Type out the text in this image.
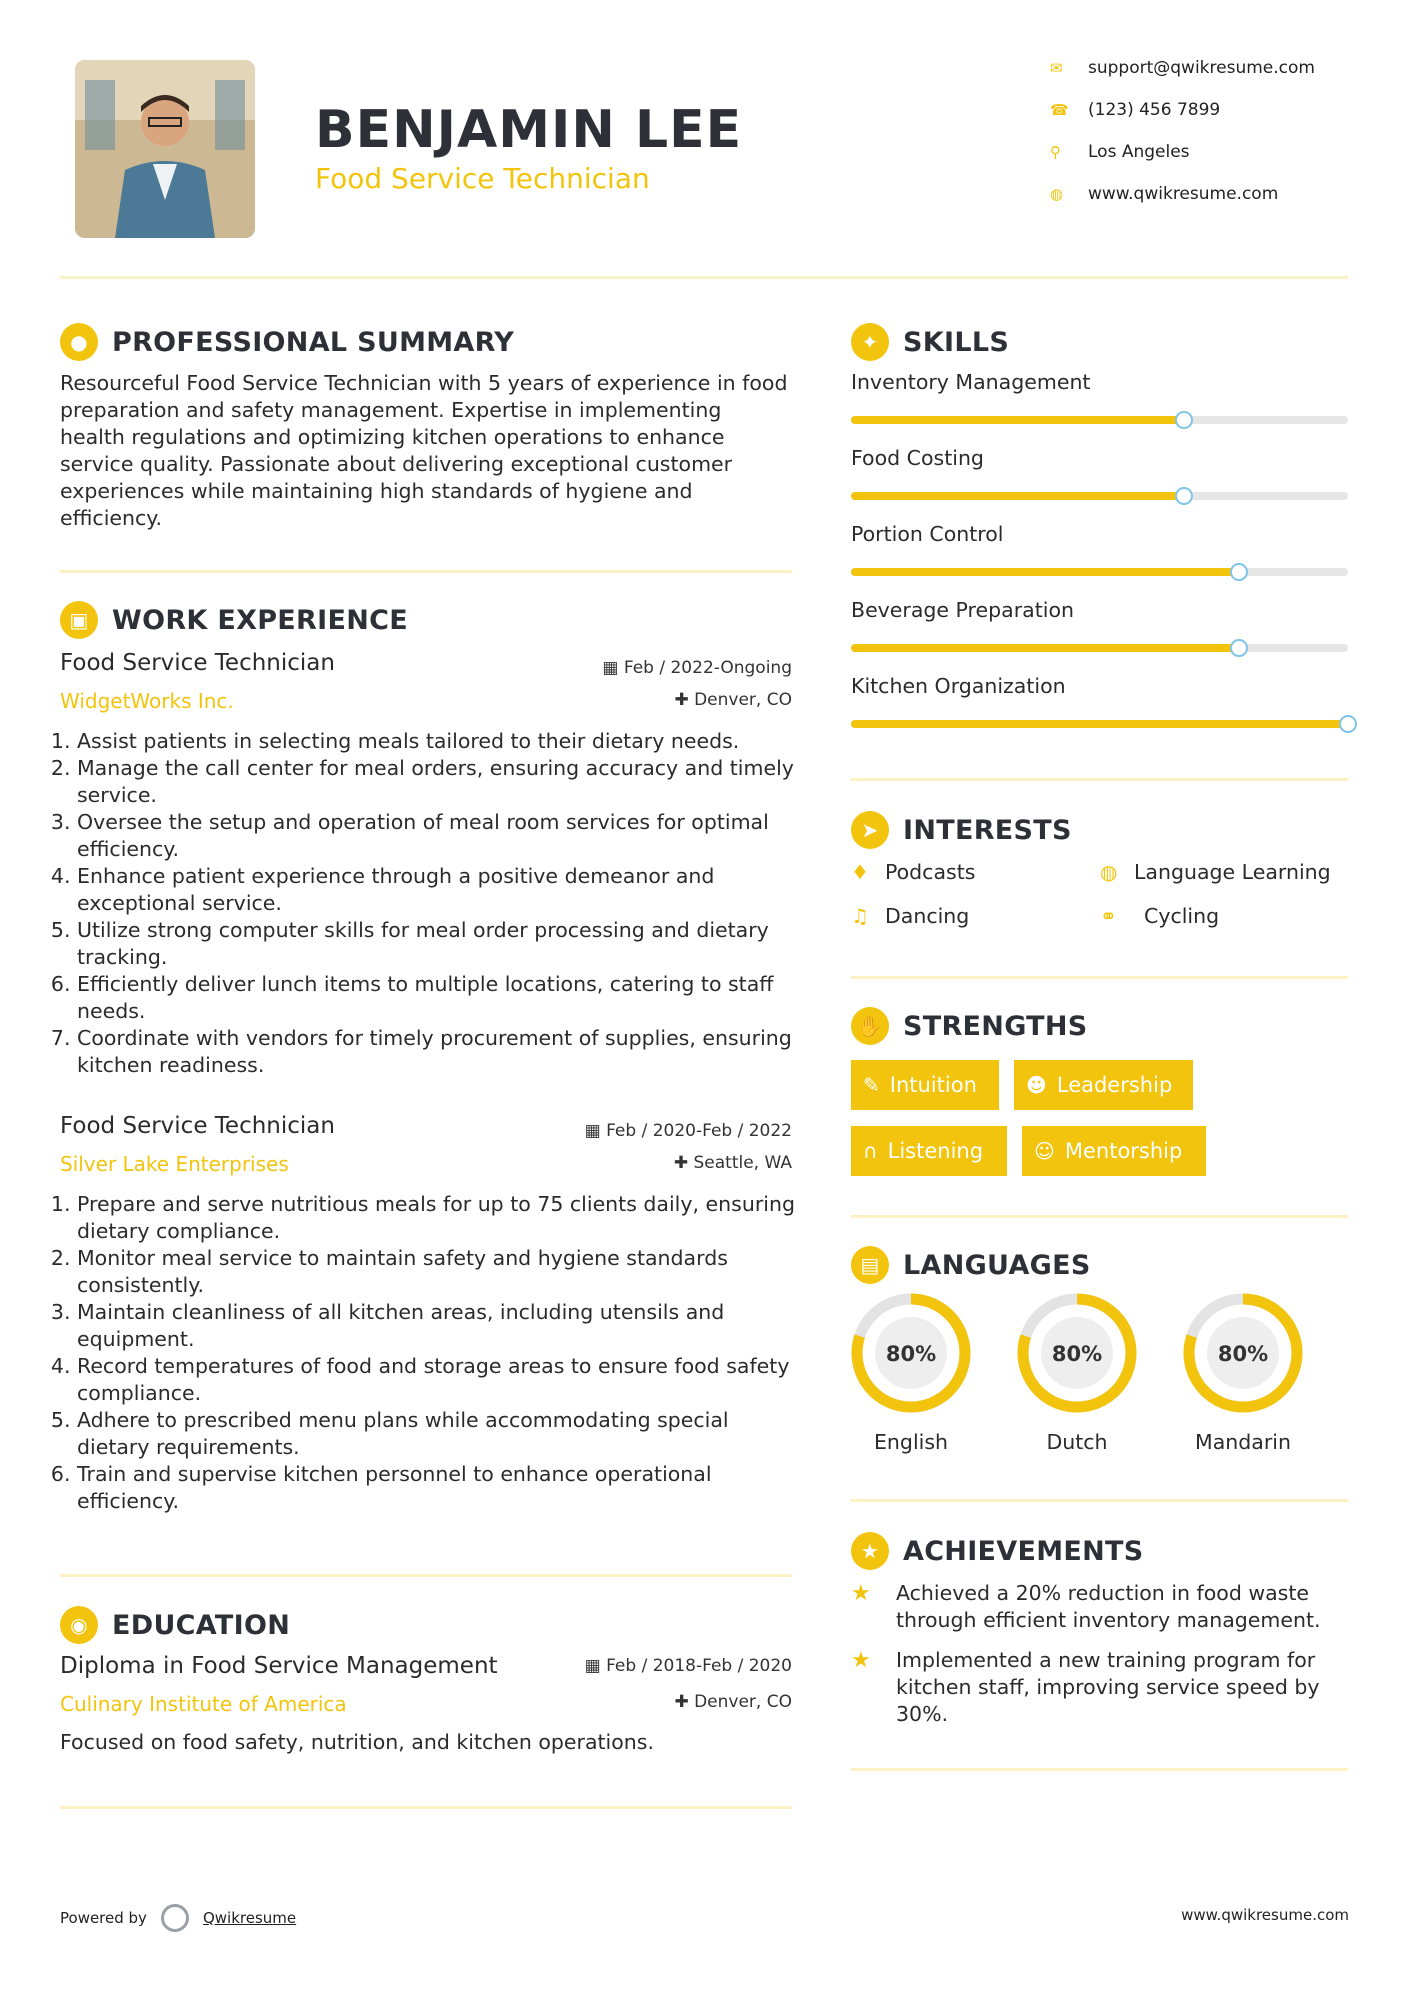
BENJAMIN LEE
Food Service Technician
✉	support@qwikresume.com
☎	(123) 456 7899
⚲	Los Angeles
◍	www.qwikresume.com
● PROFESSIONAL SUMMARY
Resourceful Food Service Technician with 5 years of experience in food preparation and safety management. Expertise in implementing health regulations and optimizing kitchen operations to enhance service quality. Passionate about delivering exceptional customer experiences while maintaining high standards of hygiene and efficiency.
▣ WORK EXPERIENCE
Food Service Technician	▦ Feb / 2022-Ongoing
WidgetWorks Inc.	✚ Denver, CO
1. Assist patients in selecting meals tailored to their dietary needs.
2. Manage the call center for meal orders, ensuring accuracy and timely service.
3. Oversee the setup and operation of meal room services for optimal efficiency.
4. Enhance patient experience through a positive demeanor and exceptional service.
5. Utilize strong computer skills for meal order processing and dietary tracking.
6. Efficiently deliver lunch items to multiple locations, catering to staff needs.
7. Coordinate with vendors for timely procurement of supplies, ensuring kitchen readiness.
Food Service Technician	▦ Feb / 2020-Feb / 2022
Silver Lake Enterprises	✚ Seattle, WA
1. Prepare and serve nutritious meals for up to 75 clients daily, ensuring dietary compliance.
2. Monitor meal service to maintain safety and hygiene standards consistently.
3. Maintain cleanliness of all kitchen areas, including utensils and equipment.
4. Record temperatures of food and storage areas to ensure food safety compliance.
5. Adhere to prescribed menu plans while accommodating special dietary requirements.
6. Train and supervise kitchen personnel to enhance operational efficiency.
◉ EDUCATION
Diploma in Food Service Management	▦ Feb / 2018-Feb / 2020
Culinary Institute of America	✚ Denver, CO
Focused on food safety, nutrition, and kitchen operations.
✦ SKILLS
Inventory Management
Food Costing
Portion Control
Beverage Preparation
Kitchen Organization
➤ INTERESTS
♦ Podcasts	◍ Language Learning
♫ Dancing	⚭	Cycling
✋ STRENGTHS
✎ Intuition ☻ Leadership
∩ Listening	☺ Mentorship
▤ LANGUAGES
80%	80%	80%
English	Dutch	Mandarin
★ ACHIEVEMENTS
★	Achieved a 20% reduction in food waste through efficient inventory management.
★	Implemented a new training program for kitchen staff, improving service speed by 30%.
Powered by	Qwikresume	www.qwikresume.com
